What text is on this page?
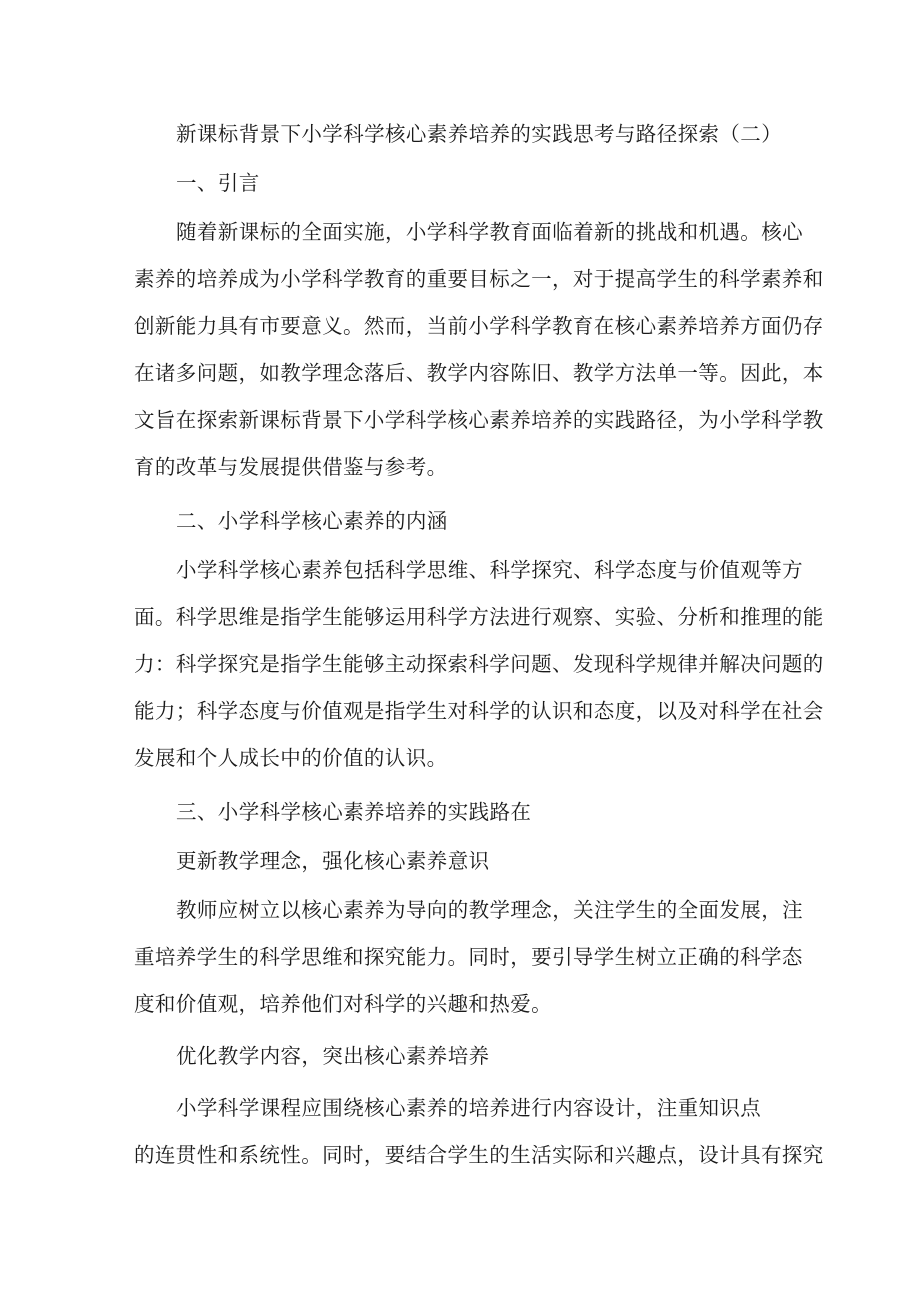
新课标背景下小学科学核心素养培养的实践思考与路径探索（二）
一、引言
随着新课标的全面实施，小学科学教育面临着新的挑战和机遇。核心
素养的培养成为小学科学教育的重要目标之一，对于提高学生的科学素养和
创新能力具有市要意义。然而，当前小学科学教育在核心素养培养方面仍存
在诸多问题，如教学理念落后、教学内容陈旧、教学方法单一等。因此，本
文旨在探索新课标背景下小学科学核心素养培养的实践路径，为小学科学教
育的改革与发展提供借鉴与参考。
二、小学科学核心素养的内涵
小学科学核心素养包括科学思维、科学探究、科学态度与价值观等方
面。科学思维是指学生能够运用科学方法进行观察、实验、分析和推理的能
力：科学探究是指学生能够主动探索科学问题、发现科学规律并解决问题的
能力；科学态度与价值观是指学生对科学的认识和态度，以及对科学在社会
发展和个人成长中的价值的认识。
三、小学科学核心素养培养的实践路在
更新教学理念，强化核心素养意识
教师应树立以核心素养为导向的教学理念，关注学生的全面发展，注
重培养学生的科学思维和探究能力。同时，要引导学生树立正确的科学态
度和价值观，培养他们对科学的兴趣和热爱。
优化教学内容，突出核心素养培养
小学科学课程应围绕核心素养的培养进行内容设计，注重知识点
的连贯性和系统性。同时，要结合学生的生活实际和兴趣点，设计具有探究
